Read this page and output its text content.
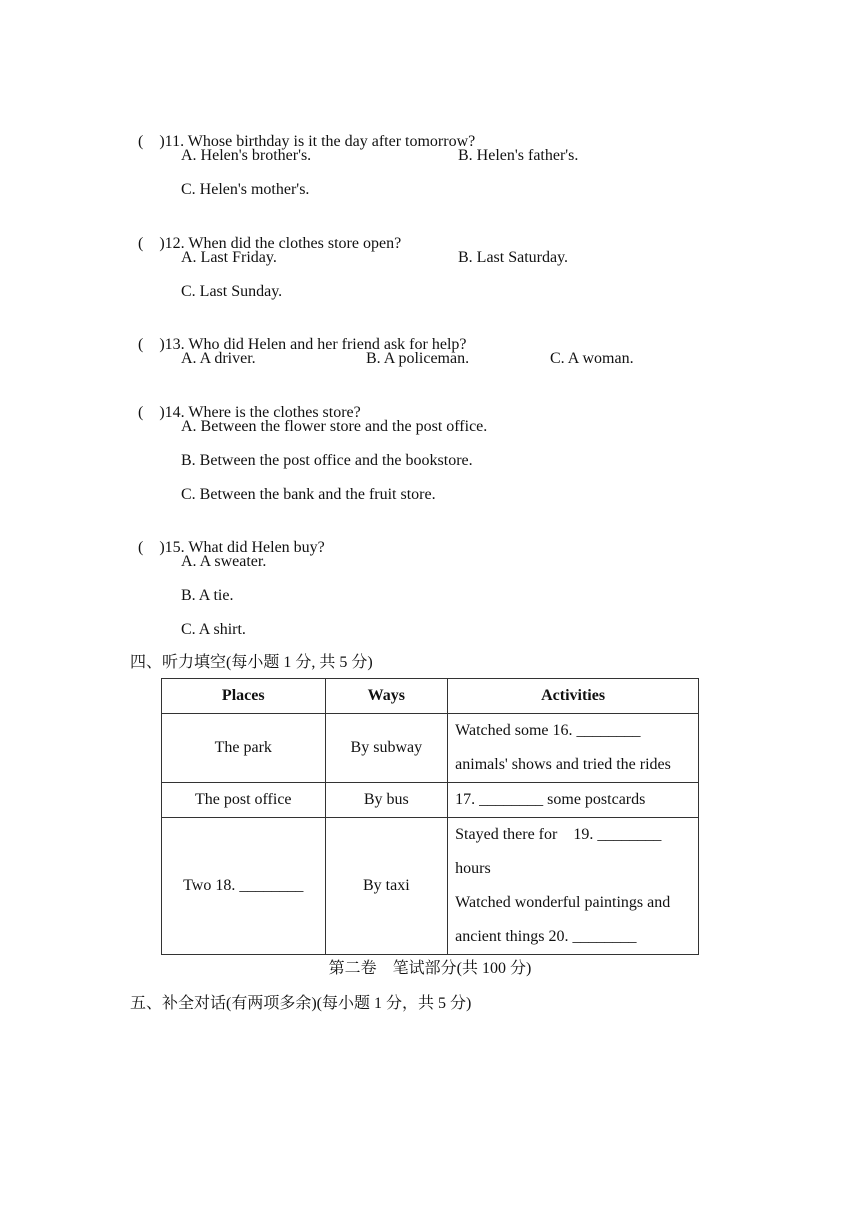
(    )11. Whose birthday is it the day after tomorrow?

A. Helen's brother's.	B. Helen's father's.
C. Helen's mother's.

(    )12. When did the clothes store open?

A. Last Friday.	B. Last Saturday.
C. Last Sunday.

(    )13. Who did Helen and her friend ask for help?

A. A driver.	B. A policeman.	C. A woman.

(    )14. Where is the clothes store?

A. Between the flower store and the post office.
B. Between the post office and the bookstore.
C. Between the bank and the fruit store.

(    )15. What did Helen buy?

A. A sweater.
B. A tie.
C. A shirt.
四、听力填空(每小题 1 分, 共 5 分)
Places	Ways	Activities
The park	By subway	Watched some 16. ________
animals' shows and tried the rides

The post office	By bus	17. ________ some postcards

Two 18. ________	By taxi	Stayed there for    19. ________
hours
Watched wonderful paintings and
ancient things 20. ________
第二卷　笔试部分(共 100 分)
五、补全对话(有两项多余)(每小题 1 分，共 5 分)
